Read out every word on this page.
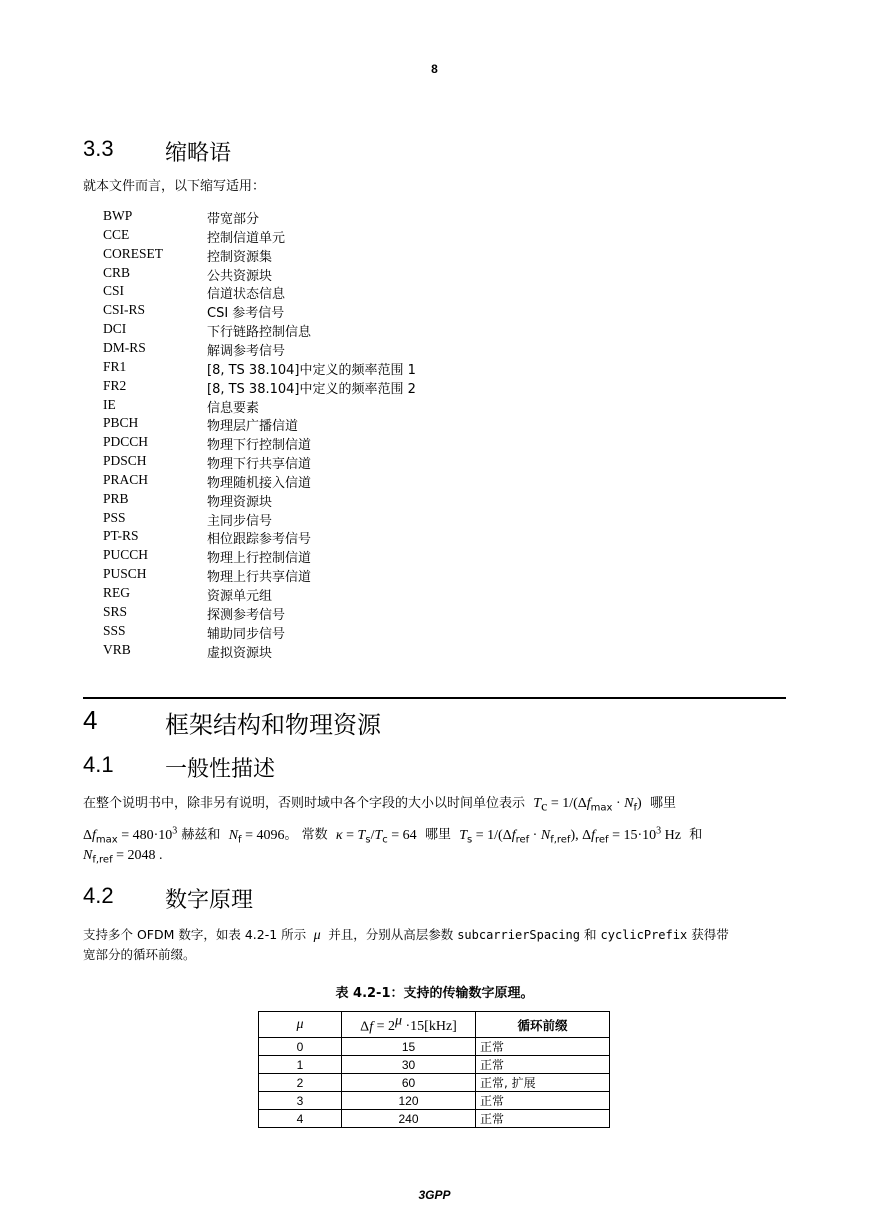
8
3.3 缩略语
就本文件而言，以下缩写适用：
BWP	带宽部分
CCE	控制信道单元
CORESET	控制资源集
CRB	公共资源块
CSI	信道状态信息
CSI-RS	CSI 参考信号
DCI	下行链路控制信息
DM-RS	解调参考信号
FR1	[8, TS 38.104]中定义的频率范围 1
FR2	[8, TS 38.104]中定义的频率范围 2
IE	信息要素
PBCH	物理层广播信道
PDCCH	物理下行控制信道
PDSCH	物理下行共享信道
PRACH	物理随机接入信道
PRB	物理资源块
PSS	主同步信号
PT-RS	相位跟踪参考信号
PUCCH	物理上行控制信道
PUSCH	物理上行共享信道
REG	资源单元组
SRS	探测参考信号
SSS	辅助同步信号
VRB	虚拟资源块
4	框架结构和物理资源
4.1 一般性描述
在整个说明书中，除非另有说明，否则时域中各个字段的大小以时间单位表示 $T_c = 1/(\Delta f_{max} \cdot N_f)$ 哪里
$\Delta f_{max} = 480\cdot 10^3$ 赫兹和 $N_f = 4096$。 常数 $\kappa = T_s/T_c = 64$ 哪里 $T_s = 1/(\Delta f_{ref} \cdot N_{f,ref})$, $\Delta f_{ref} = 15\cdot 10^3$ Hz 和
$N_{f,ref} = 2048$ .
4.2 数字原理
支持多个 OFDM 数字，如表 4.2-1 所示  μ  并且，分别从高层参数 subcarrierSpacing 和 cyclicPrefix 获得带
宽部分的循环前缀。
表 4.2-1：支持的传输数字原理。
μ	$\Delta f = 2^\mu \cdot 15[kHz]$	循环前缀
0	15	正常
1	30	正常
2	60	正常, 扩展
3	120	正常
4	240	正常
3GPP
